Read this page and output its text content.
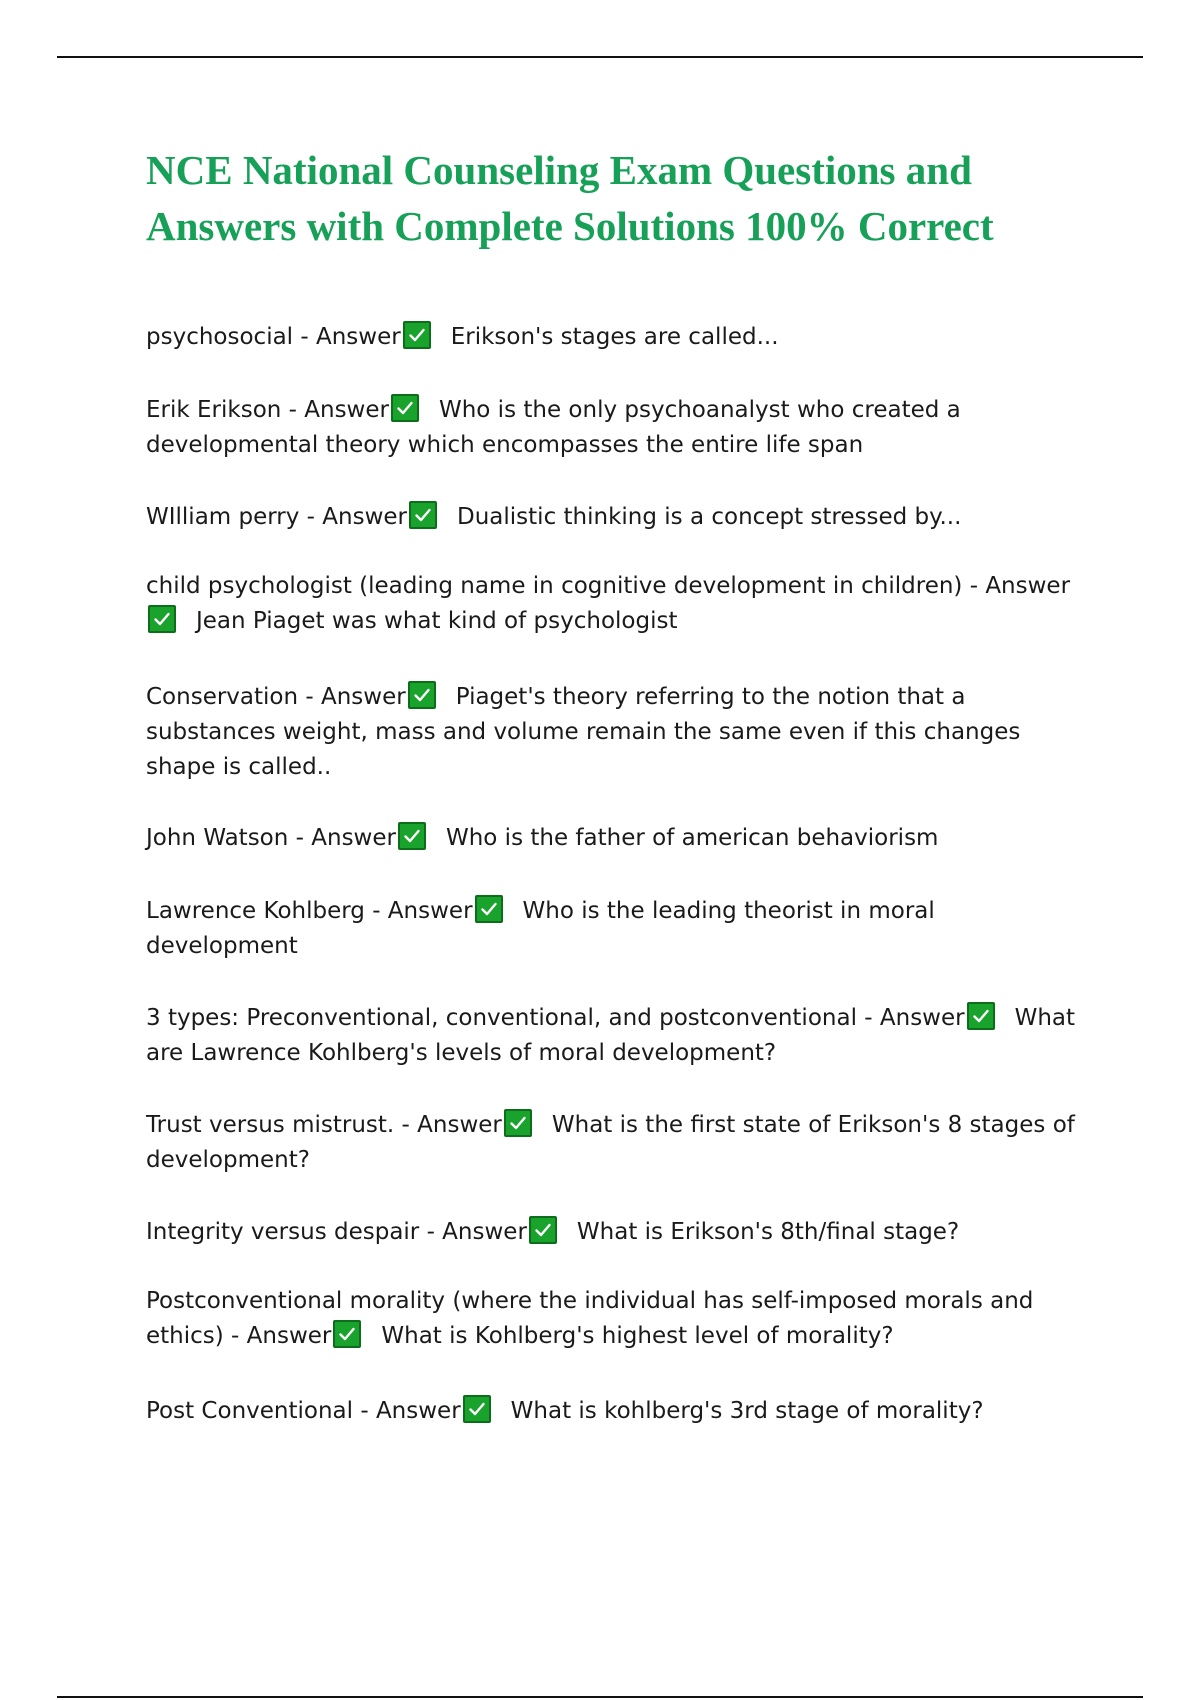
NCE National Counseling Exam Questions and Answers with Complete Solutions 100% Correct

psychosocial - Answer Erikson's stages are called...

Erik Erikson - Answer Who is the only psychoanalyst who created a developmental theory which encompasses the entire life span

WIlliam perry - Answer Dualistic thinking is a concept stressed by...

child psychologist (leading name in cognitive development in children) - Answer
Jean Piaget was what kind of psychologist

Conservation - Answer Piaget's theory referring to the notion that a substances weight, mass and volume remain the same even if this changes shape is called..

John Watson - Answer Who is the father of american behaviorism

Lawrence Kohlberg - Answer Who is the leading theorist in moral development

3 types: Preconventional, conventional, and postconventional - Answer What are Lawrence Kohlberg's levels of moral development?

Trust versus mistrust. - Answer What is the first state of Erikson's 8 stages of development?

Integrity versus despair - Answer What is Erikson's 8th/final stage?

Postconventional morality (where the individual has self-imposed morals and ethics) - Answer What is Kohlberg's highest level of morality?

Post Conventional - Answer What is kohlberg's 3rd stage of morality?
